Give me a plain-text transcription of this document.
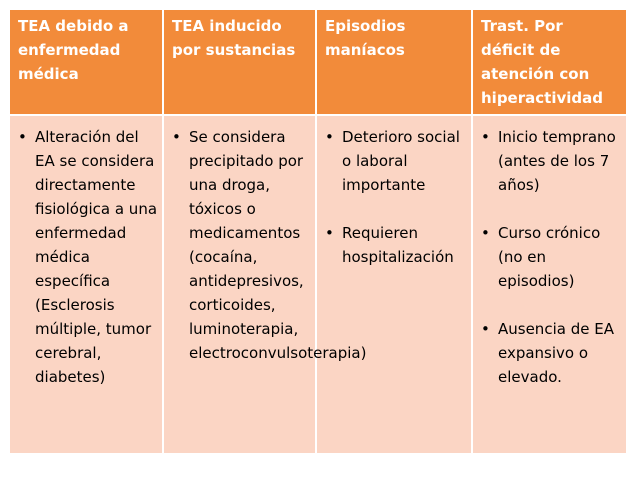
TEA debido a enfermedad médica
TEA inducido por sustancias
Episodios maníacos
Trast. Por déficit de atención con hiperactividad
• Alteración del EA se considera directamente fisiológica a una enfermedad médica específica (Esclerosis múltiple, tumor cerebral, diabetes)
• Se considera precipitado por una droga, tóxicos o medicamentos (cocaína, antidepresivos, corticoides, luminoterapia, electroconvulsoterapia)
• Deterioro social o laboral importante
• Requieren hospitalización
• Inicio temprano (antes de los 7 años)
• Curso crónico (no en episodios)
• Ausencia de EA expansivo o elevado.
